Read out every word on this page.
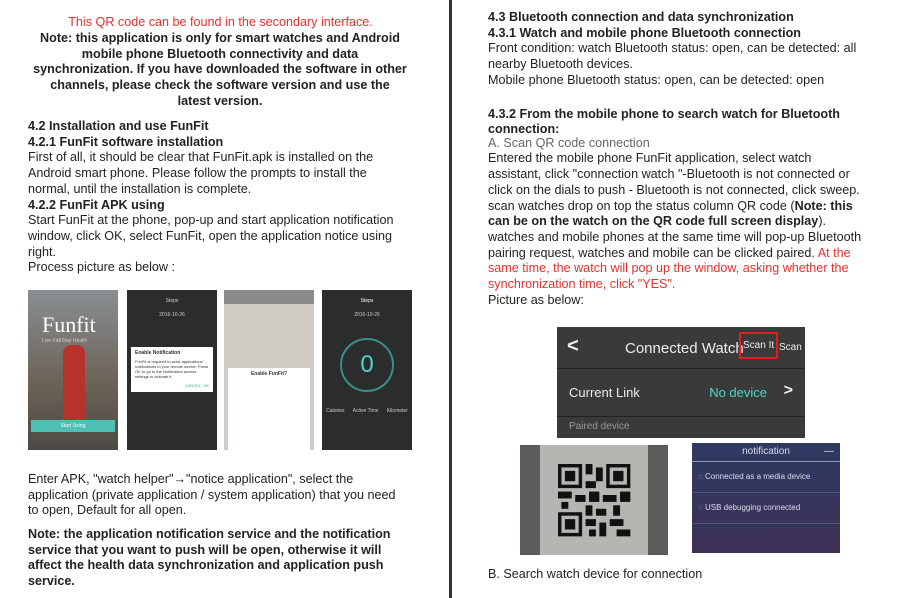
This QR code can be found in the secondary interface.
Note: this application is only for smart watches and Android
mobile phone Bluetooth connectivity and data
synchronization. If you have downloaded the software in other
channels, please check the software version and use the
latest version.
4.2 Installation and use FunFit
4.2.1 FunFit software installation
First of all, it should be clear that FunFit.apk is installed on the
Android smart phone. Please follow the prompts to install the
normal, until the installation is complete.
4.2.2 FunFit APK using
Start FunFit at the phone, pop-up and start application notification
window, click OK, select FunFit, open the application notice using
right.
Process picture as below :
Funfit
Live Fit&Stay Health
Start Using
Steps
2016-10-26
Enable Notification
FunFit is required to send applications' notifications to your remote device. Press OK to go to the Notification access settings to activate it.
CANCEL OK
Enable FunFit?
Steps
2016-10-26
0
Calories Active Time Kilometer
Enter APK, "watch helper"→"notice application", select the
application (private application / system application) that you need
to open, Default for all open.
Note: the application notification service and the notification
service that you want to push will be open, otherwise it will
affect the health data synchronization and application push
service.
4.3 Bluetooth connection and data synchronization
4.3.1 Watch and mobile phone Bluetooth connection
Front condition: watch Bluetooth status: open, can be detected: all
nearby Bluetooth devices.
Mobile phone Bluetooth status: open, can be detected: open
4.3.2 From the mobile phone to search watch for Bluetooth
connection:
A. Scan QR code connection
Entered the mobile phone FunFit application, select watch
assistant, click "connection watch "-Bluetooth is not connected or
click on the dials to push - Bluetooth is not connected, click sweep.
scan watches drop on top the status column QR code (Note: this
can be on the watch on the QR code full screen display).
watches and mobile phones at the same time will pop-up Bluetooth
pairing request, watches and mobile can be clicked paired. At the
same time, the watch will pop up the window, asking whether the
synchronization time, click "YES".
Picture as below:
<	Connected Watch Scan It Scan
Current Link	No device >
Paired device
notification	—
◌ Connected as a media device
◌ USB debugging connected
B. Search watch device for connection
